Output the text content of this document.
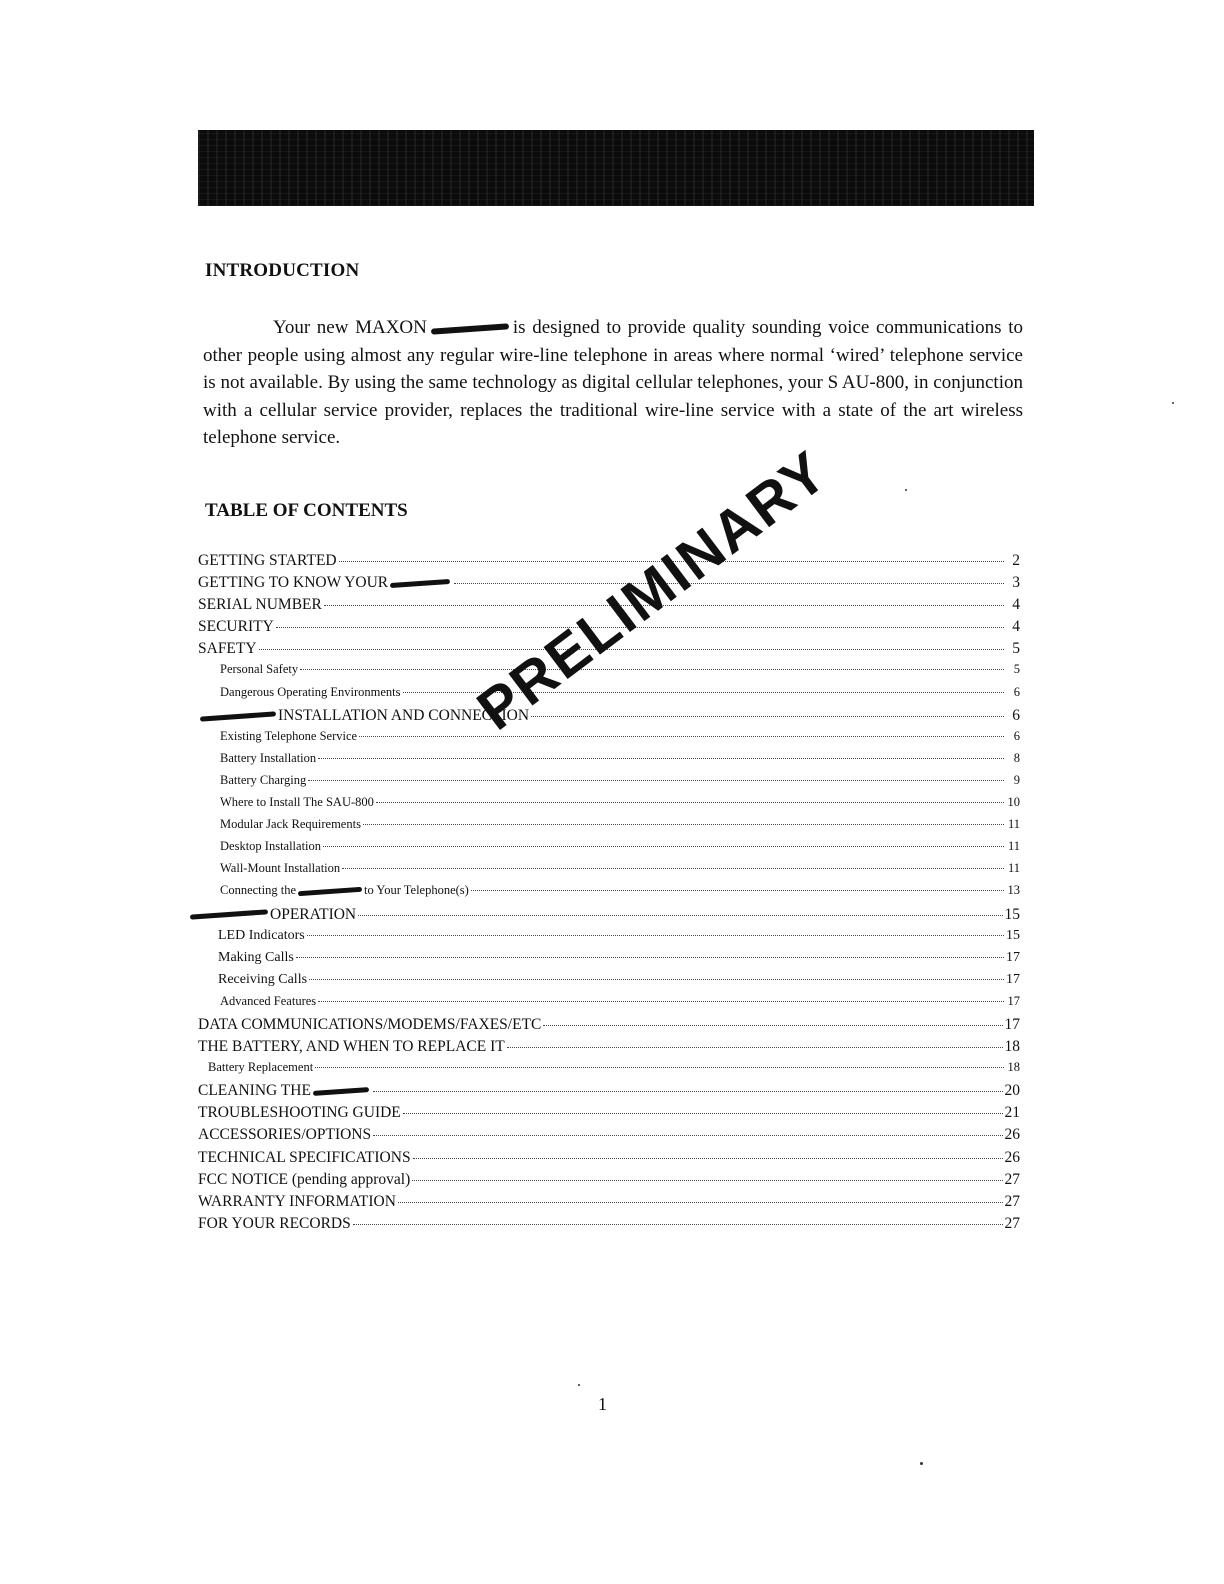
INTRODUCTION

Your new MAXON	is designed to provide quality sounding voice communications to other people using almost any regular wire-line telephone in areas where normal ‘wired’ telephone service is not available. By using the same technology as digital cellular telephones, your S AU-800, in conjunction with a cellular service provider, replaces the traditional wire-line service with a state of the art wireless telephone service.

TABLE OF CONTENTS
GETTING STARTED	2
GETTING TO KNOW YOUR	3
SERIAL NUMBER	4
SECURITY	4
SAFETY	5
Personal Safety	5
Dangerous Operating Environments	6
INSTALLATION AND CONNECTION	6
Existing Telephone Service	6
Battery Installation	8
Battery Charging	9
Where to Install The SAU-800	10
Modular Jack Requirements	11
Desktop Installation	11
Wall-Mount Installation	11
Connecting the	to Your Telephone(s)	13
OPERATION	15
LED Indicators	15
Making Calls	17
Receiving Calls	17
Advanced Features	17
DATA COMMUNICATIONS/MODEMS/FAXES/ETC	17
THE BATTERY, AND WHEN TO REPLACE IT	18
Battery Replacement	18
CLEANING THE	20
TROUBLESHOOTING GUIDE	21
ACCESSORIES/OPTIONS	26
TECHNICAL SPECIFICATIONS	26
FCC NOTICE (pending approval)	27
WARRANTY INFORMATION	27
FOR YOUR RECORDS	27
PRELIMINARY
1
